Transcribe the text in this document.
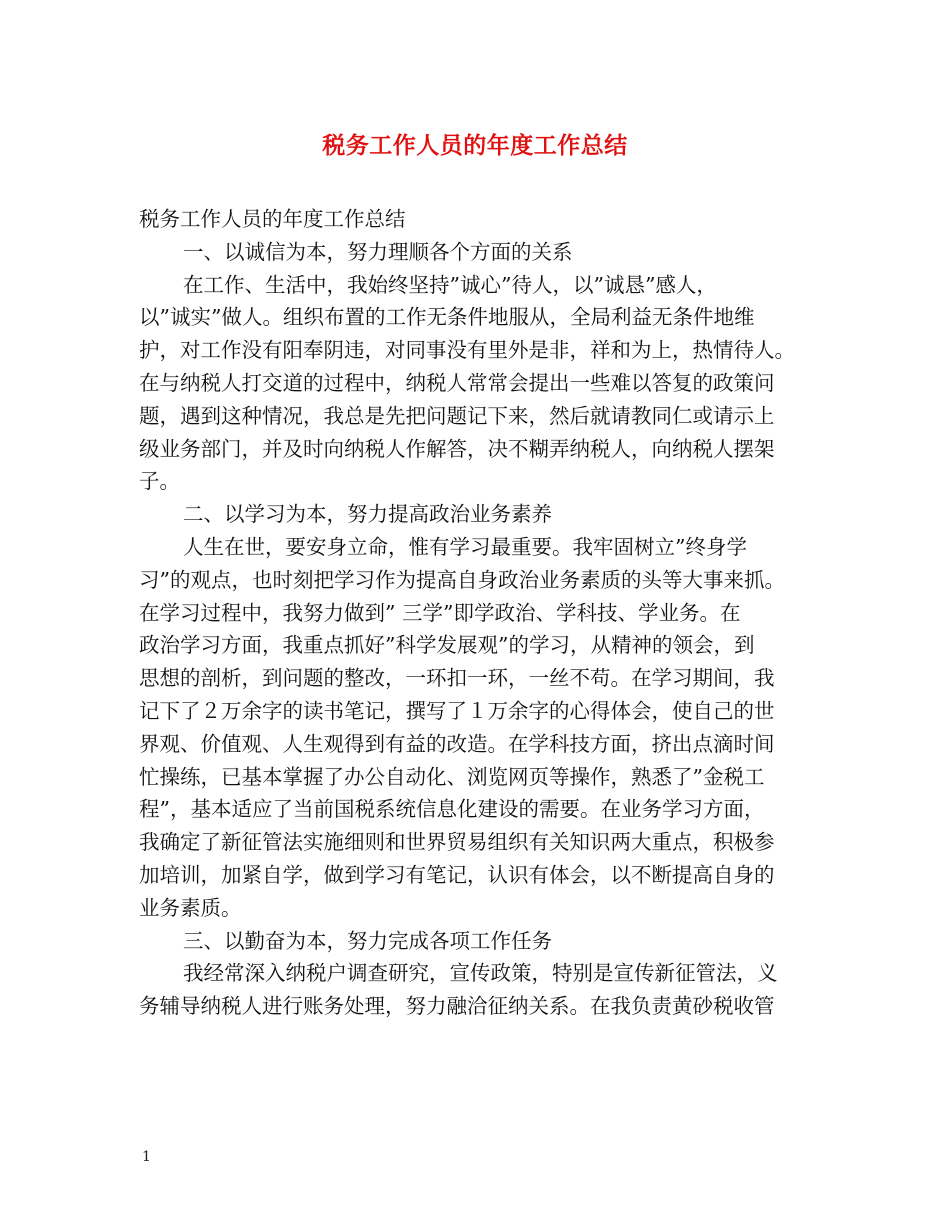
税务工作人员的年度工作总结
税务工作人员的年度工作总结
一、以诚信为本，努力理顺各个方面的关系
在工作、生活中，我始终坚持”诚心”待人，以”诚恳”感人，
以”诚实”做人。组织布置的工作无条件地服从，全局利益无条件地维
护，对工作没有阳奉阴违，对同事没有里外是非，祥和为上，热情待人。
在与纳税人打交道的过程中，纳税人常常会提出一些难以答复的政策问
题，遇到这种情况，我总是先把问题记下来，然后就请教同仁或请示上
级业务部门，并及时向纳税人作解答，决不糊弄纳税人，向纳税人摆架
子。
二、以学习为本，努力提高政治业务素养
人生在世，要安身立命，惟有学习最重要。我牢固树立”终身学
习”的观点，也时刻把学习作为提高自身政治业务素质的头等大事来抓。
在学习过程中，我努力做到” 三学”即学政治、学科技、学业务。在
政治学习方面，我重点抓好”科学发展观”的学习，从精神的领会，到
思想的剖析，到问题的整改，一环扣一环，一丝不苟。在学习期间，我
记下了２万余字的读书笔记，撰写了１万余字的心得体会，使自己的世
界观、价值观、人生观得到有益的改造。在学科技方面，挤出点滴时间
忙操练，已基本掌握了办公自动化、浏览网页等操作，熟悉了”金税工
程”，基本适应了当前国税系统信息化建设的需要。在业务学习方面，
我确定了新征管法实施细则和世界贸易组织有关知识两大重点，积极参
加培训，加紧自学，做到学习有笔记，认识有体会，以不断提高自身的
业务素质。
三、以勤奋为本，努力完成各项工作任务
我经常深入纳税户调查研究，宣传政策，特别是宣传新征管法，义
务辅导纳税人进行账务处理，努力融洽征纳关系。在我负责黄砂税收管
1
